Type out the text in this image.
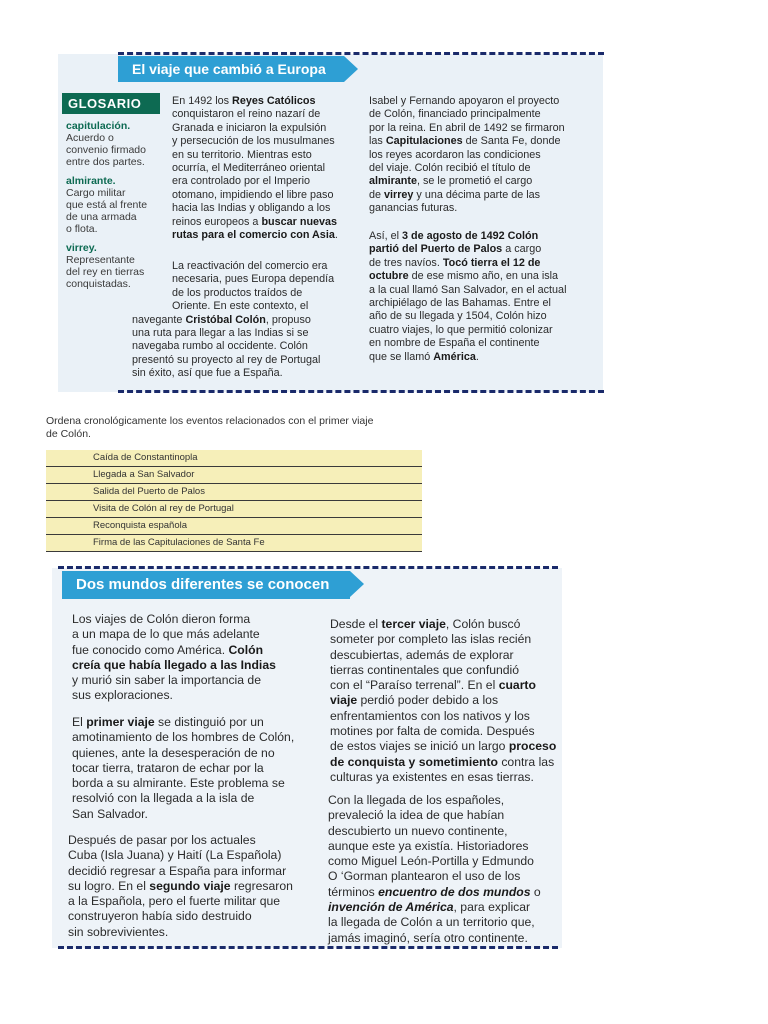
El viaje que cambió a Europa
GLOSARIO
capitulación.
Acuerdo o
convenio firmado
entre dos partes.
almirante.
Cargo militar
que está al frente
de una armada
o flota.
virrey.
Representante
del rey en tierras
conquistadas.
En 1492 los Reyes Católicos
conquistaron el reino nazarí de
Granada e iniciaron la expulsión
y persecución de los musulmanes
en su territorio. Mientras esto
ocurría, el Mediterráneo oriental
era controlado por el Imperio
otomano, impidiendo el libre paso
hacia las Indias y obligando a los
reinos europeos a buscar nuevas
rutas para el comercio con Asia.
La reactivación del comercio era
necesaria, pues Europa dependía
de los productos traídos de
Oriente. En este contexto, el
navegante Cristóbal Colón, propuso
una ruta para llegar a las Indias si se
navegaba rumbo al occidente. Colón
presentó su proyecto al rey de Portugal
sin éxito, así que fue a España.
Isabel y Fernando apoyaron el proyecto
de Colón, financiado principalmente
por la reina. En abril de 1492 se firmaron
las Capitulaciones de Santa Fe, donde
los reyes acordaron las condiciones
del viaje. Colón recibió el título de
almirante, se le prometió el cargo
de virrey y una décima parte de las
ganancias futuras.
Así, el 3 de agosto de 1492 Colón
partió del Puerto de Palos a cargo
de tres navíos. Tocó tierra el 12 de
octubre de ese mismo año, en una isla
a la cual llamó San Salvador, en el actual
archipiélago de las Bahamas. Entre el
año de su llegada y 1504, Colón hizo
cuatro viajes, lo que permitió colonizar
en nombre de España el continente
que se llamó América.
Ordena cronológicamente los eventos relacionados con el primer viaje
de Colón.
Caída de Constantinopla
Llegada a San Salvador
Salida del Puerto de Palos
Visita de Colón al rey de Portugal
Reconquista española
Firma de las Capitulaciones de Santa Fe
Dos mundos diferentes se conocen
Los viajes de Colón dieron forma
a un mapa de lo que más adelante
fue conocido como América. Colón
creía que había llegado a las Indias
y murió sin saber la importancia de
sus exploraciones.
El primer viaje se distinguió por un
amotinamiento de los hombres de Colón,
quienes, ante la desesperación de no
tocar tierra, trataron de echar por la
borda a su almirante. Este problema se
resolvió con la llegada a la isla de
San Salvador.
Después de pasar por los actuales
Cuba (Isla Juana) y Haití (La Española)
decidió regresar a España para informar
su logro. En el segundo viaje regresaron
a la Española, pero el fuerte militar que
construyeron había sido destruido
sin sobrevivientes.
Desde el tercer viaje, Colón buscó
someter por completo las islas recién
descubiertas, además de explorar
tierras continentales que confundió
con el “Paraíso terrenal”. En el cuarto
viaje perdió poder debido a los
enfrentamientos con los nativos y los
motines por falta de comida. Después
de estos viajes se inició un largo proceso
de conquista y sometimiento contra las
culturas ya existentes en esas tierras.
Con la llegada de los españoles,
prevaleció la idea de que habían
descubierto un nuevo continente,
aunque este ya existía. Historiadores
como Miguel León-Portilla y Edmundo
O ‘Gorman plantearon el uso de los
términos encuentro de dos mundos o
invención de América, para explicar
la llegada de Colón a un territorio que,
jamás imaginó, sería otro continente.
